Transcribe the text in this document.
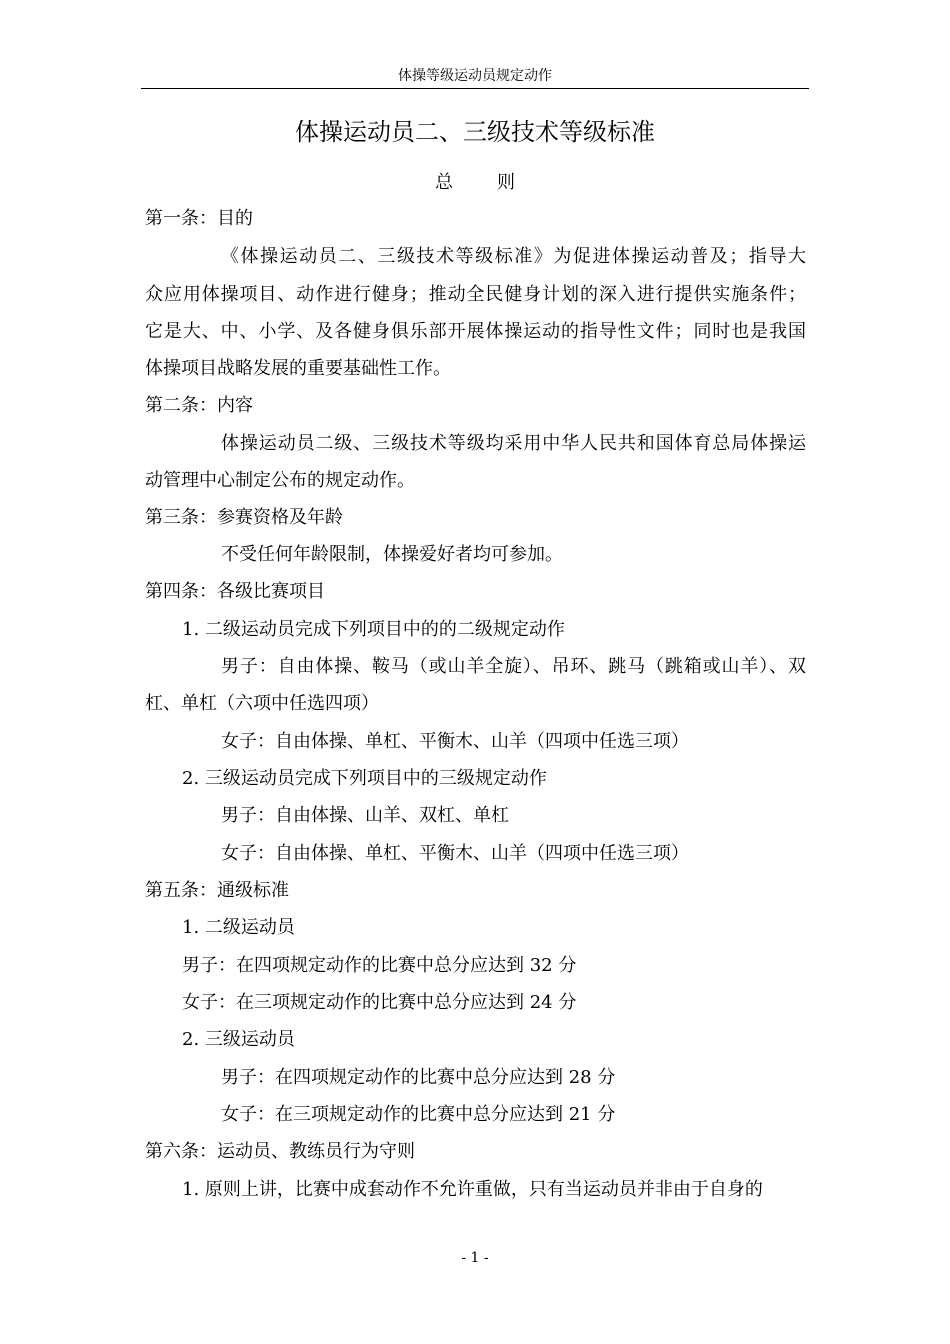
体操等级运动员规定动作
体操运动员二、三级技术等级标准
总 则
第一条：目的
《体操运动员二、三级技术等级标准》为促进体操运动普及；指导大
众应用体操项目、动作进行健身；推动全民健身计划的深入进行提供实施条件；
它是大、中、小学、及各健身俱乐部开展体操运动的指导性文件；同时也是我国
体操项目战略发展的重要基础性工作。
第二条：内容
体操运动员二级、三级技术等级均采用中华人民共和国体育总局体操运
动管理中心制定公布的规定动作。
第三条：参赛资格及年龄
不受任何年龄限制，体操爱好者均可参加。
第四条：各级比赛项目
1. 二级运动员完成下列项目中的的二级规定动作
男子：自由体操、鞍马（或山羊全旋）、吊环、跳马（跳箱或山羊）、双
杠、单杠（六项中任选四项）
女子：自由体操、单杠、平衡木、山羊（四项中任选三项）
2. 三级运动员完成下列项目中的三级规定动作
男子：自由体操、山羊、双杠、单杠
女子：自由体操、单杠、平衡木、山羊（四项中任选三项）
第五条：通级标准
1. 二级运动员
男子：在四项规定动作的比赛中总分应达到 32 分
女子：在三项规定动作的比赛中总分应达到 24 分
2. 三级运动员
男子：在四项规定动作的比赛中总分应达到 28 分
女子：在三项规定动作的比赛中总分应达到 21 分
第六条：运动员、教练员行为守则
1. 原则上讲，比赛中成套动作不允许重做，只有当运动员并非由于自身的
- 1 -
